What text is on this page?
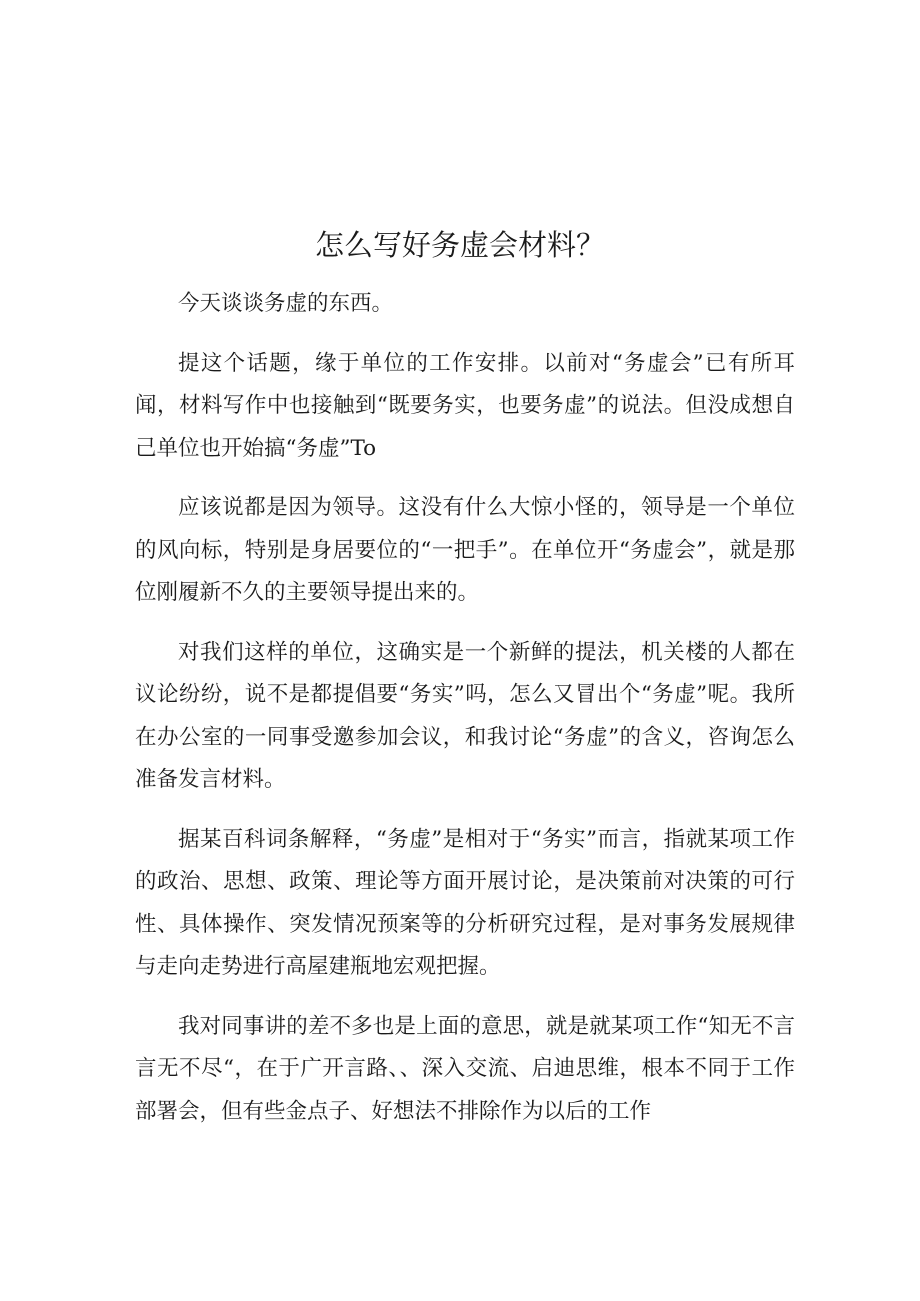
怎么写好务虚会材料？

今天谈谈务虚的东西。

提这个话题，缘于单位的工作安排。以前对“务虚会”已有所耳闻，材料写作中也接触到“既要务实，也要务虚”的说法。但没成想自己单位也开始搞“务虚”To

应该说都是因为领导。这没有什么大惊小怪的，领导是一个单位的风向标，特别是身居要位的“一把手”。在单位开“务虚会”，就是那位刚履新不久的主要领导提出来的。

对我们这样的单位，这确实是一个新鲜的提法，机关楼的人都在议论纷纷，说不是都提倡要“务实”吗，怎么又冒出个“务虚”呢。我所在办公室的一同事受邀参加会议，和我讨论“务虚”的含义，咨询怎么准备发言材料。

据某百科词条解释，“务虚”是相对于“务实”而言，指就某项工作的政治、思想、政策、理论等方面开展讨论，是决策前对决策的可行性、具体操作、突发情况预案等的分析研究过程，是对事务发展规律与走向走势进行高屋建瓶地宏观把握。

我对同事讲的差不多也是上面的意思，就是就某项工作“知无不言言无不尽“，在于广开言路、、深入交流、启迪思维，根本不同于工作部署会，但有些金点子、好想法不排除作为以后的工作
